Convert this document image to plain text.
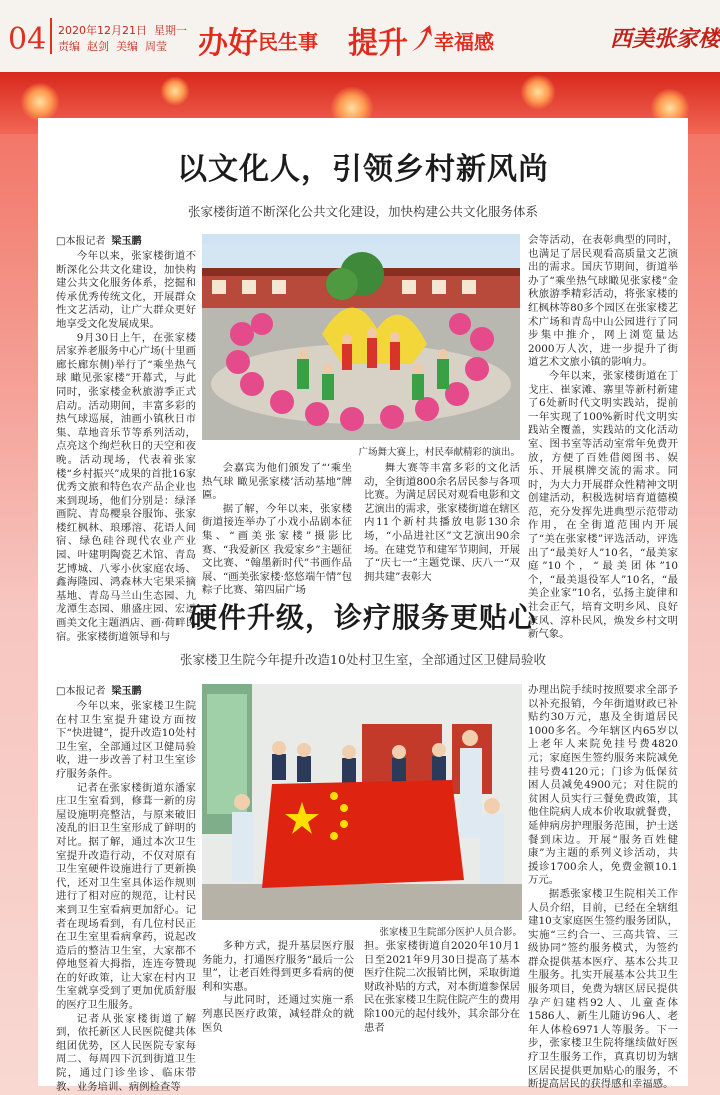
04 2020年12月21日 星期一
责编 赵剑 美编 周莹 办好 民生事 提升 幸福感	西美张家楼
以文化人，引领乡村新风尚
张家楼街道不断深化公共文化建设，加快构建公共文化服务体系
□本报记者 梁玉鹏

今年以来，张家楼街道不断深化公共文化建设，加快构建公共文化服务体系，挖掘和传承优秀传统文化，开展群众性文艺活动，让广大群众更好地享受文化发展成果。

9月30日上午，在张家楼居家养老服务中心广场(十里画廊长廊东侧)举行了“乘坐热气球 瞰见张家楼”开幕式，与此同时，张家楼金秋旅游季正式启动。活动期间，丰富多彩的热气球巡展，油画小镇秋日市集、草地音乐节等系列活动，点亮这个绚烂秋日的天空和夜晚。活动现场，代表着张家楼“乡村振兴”成果的首批16家优秀文旅和特色农产品企业也来到现场，他们分别是：绿泽画院、青岛樱泉谷服饰、张家楼红枫林、琅琊溶、花语人间宿、绿色硅谷现代农业产业园、叶建明陶瓷艺术馆、青岛艺博城、八零小伙家庭农场、鑫海隆园、鸿森林大宅果采摘基地、青岛马兰山生态园、九龙潭生态园、鼎盛庄园、宏运画美文化主题酒店、画·荷畔民宿。张家楼街道领导和与

广场舞大赛上，村民奉献精彩的演出。

会嘉宾为他们颁发了“‘乘坐热气球 瞰见张家楼’活动基地”牌匾。

据了解，今年以来，张家楼街道接连举办了小戏小品剧本征集、“画美张家楼”摄影比赛、“我爱新区 我爱家乡”主题征文比赛、“翰墨新时代”书画作品展、“画美张家楼·悠悠端午情”包粽子比赛、第四届广场

舞大赛等丰富多彩的文化活动，全街道800余名居民参与各项比赛。为满足居民对观看电影和文艺演出的需求，张家楼街道在辖区内11个新村共播放电影130余场，“小品进社区”文艺演出90余场。在建党节和建军节期间，开展了“庆七一”主题党课、庆八一“双拥共建”表彰大

会等活动，在表彰典型的同时，也满足了居民观看高质量文艺演出的需求。国庆节期间，街道举办了“乘坐热气球瞰见张家楼”金秋旅游季精彩活动，将张家楼的红枫林等80多个园区在张家楼艺术广场和青岛中山公园进行了同步集中推介，网上浏览量达2000万人次，进一步提升了街道艺术文旅小镇的影响力。

今年以来，张家楼街道在丁戈庄、崔家滩、寨里等新村新建了6处新时代文明实践站，提前一年实现了100%新时代文明实践站全覆盖，实践站的文化活动室、图书室等活动室常年免费开放，方便了百姓借阅图书、娱乐、开展棋牌交流的需求。同时，为大力开展群众性精神文明创建活动，积极选树培育道德模范，充分发挥先进典型示范带动作用，在全街道范围内开展了“美在张家楼”评选活动，评选出了“最美好人”10名，“最美家庭”10个，“最美团体”10个，“最美退役军人”10名，“最美企业家”10名，弘扬主旋律和社会正气，培育文明乡风、良好家风、淳朴民风，焕发乡村文明新气象。

硬件升级，诊疗服务更贴心
张家楼卫生院今年提升改造10处村卫生室，全部通过区卫健局验收
□本报记者 梁玉鹏

今年以来，张家楼卫生院在村卫生室提升建设方面按下“快进键”，提升改造10处村卫生室，全部通过区卫健局验收，进一步改善了村卫生室诊疗服务条件。

记者在张家楼街道东潘家庄卫生室看到，修葺一新的房屋设施明亮整洁，与原来破旧凌乱的旧卫生室形成了鲜明的对比。据了解，通过本次卫生室提升改造行动，不仅对原有卫生室硬件设施进行了更新换代，还对卫生室具体运作规则进行了相对应的规范，让村民来到卫生室看病更加舒心。记者在现场看到，有几位村民正在卫生室里看病拿药，说起改造后的整洁卫生室，大家都不停地竖着大拇指，连连夸赞现在的好政策，让大家在村内卫生室就享受到了更加优质舒服的医疗卫生服务。

记者从张家楼街道了解到，依托新区人民医院健共体组团优势，区人民医院专家每周二、每周四下沉到街道卫生院，通过门诊坐诊、临床带教、业务培训、病例检查等

张家楼卫生院部分医护人员合影。

多种方式，提升基层医疗服务能力，打通医疗服务“最后一公里”，让老百姓得到更多看病的便利和实惠。

与此同时，还通过实施一系列惠民医疗政策，减轻群众的就医负

担。张家楼街道自2020年10月1日至2021年9月30日提高了基本医疗住院二次报销比例，采取街道财政补贴的方式，对本街道参保居民在张家楼卫生院住院产生的费用除100元的起付线外，其余部分在患者

办理出院手续时按照要求全部予以补充报销，今年街道财政已补贴约30万元，惠及全街道居民1000多名。今年辖区内65岁以上老年人来院免挂号费4820元；家庭医生签约服务来院减免挂号费4120元；门诊为低保贫困人员减免4900元；对住院的贫困人员实行三餐免费政策，其他住院病人成本价收取就餐费，延伸病房护理服务范围，护士送餐到床边。开展“服务百姓健康”为主题的系列义诊活动，共援诊1700余人，免费金额10.1万元。

据悉张家楼卫生院相关工作人员介绍，目前，已经在全辖组建10支家庭医生签约服务团队，实施“三约合一、三高共管、三级协同”签约服务模式，为签约群众提供基本医疗、基本公共卫生服务。扎实开展基本公共卫生服务项目，免费为辖区居民提供孕产妇建档92人、儿童查体1586人、新生儿随访96人、老年人体检6971人等服务。下一步，张家楼卫生院将继续做好医疗卫生服务工作，真真切切为辖区居民提供更加贴心的服务，不断提高居民的获得感和幸福感。
